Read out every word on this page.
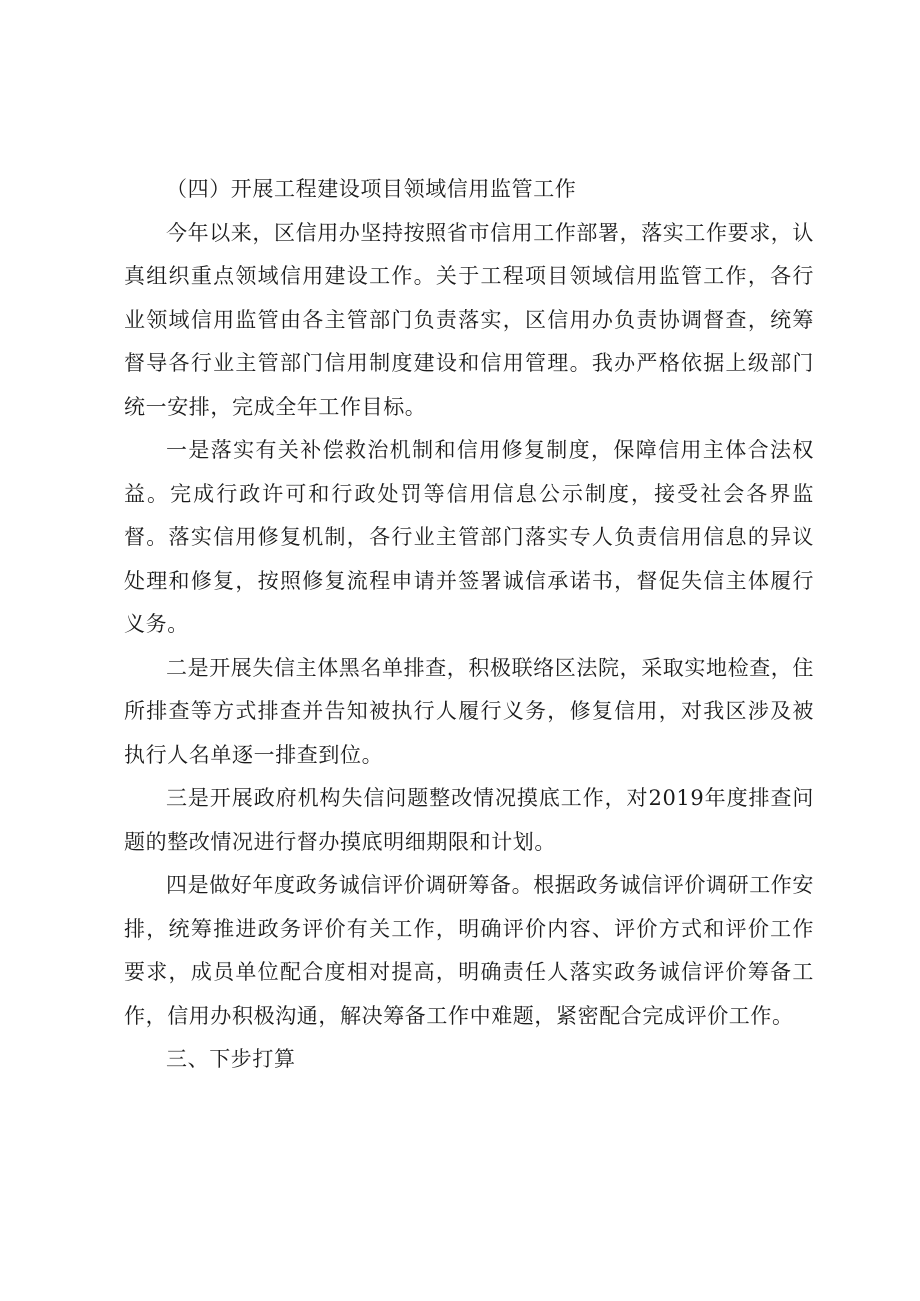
（四）开展工程建设项目领域信用监管工作

今年以来，区信用办坚持按照省市信用工作部署，落实工作要求，认真组织重点领域信用建设工作。关于工程项目领域信用监管工作，各行业领域信用监管由各主管部门负责落实，区信用办负责协调督查，统筹督导各行业主管部门信用制度建设和信用管理。我办严格依据上级部门统一安排，完成全年工作目标。

一是落实有关补偿救治机制和信用修复制度，保障信用主体合法权益。完成行政许可和行政处罚等信用信息公示制度，接受社会各界监督。落实信用修复机制，各行业主管部门落实专人负责信用信息的异议处理和修复，按照修复流程申请并签署诚信承诺书，督促失信主体履行义务。

二是开展失信主体黑名单排查，积极联络区法院，采取实地检查，住所排查等方式排查并告知被执行人履行义务，修复信用，对我区涉及被执行人名单逐一排查到位。

三是开展政府机构失信问题整改情况摸底工作，对2019年度排查问题的整改情况进行督办摸底明细期限和计划。

四是做好年度政务诚信评价调研筹备。根据政务诚信评价调研工作安排，统筹推进政务评价有关工作，明确评价内容、评价方式和评价工作要求，成员单位配合度相对提高，明确责任人落实政务诚信评价筹备工作，信用办积极沟通，解决筹备工作中难题，紧密配合完成评价工作。

三、下步打算
